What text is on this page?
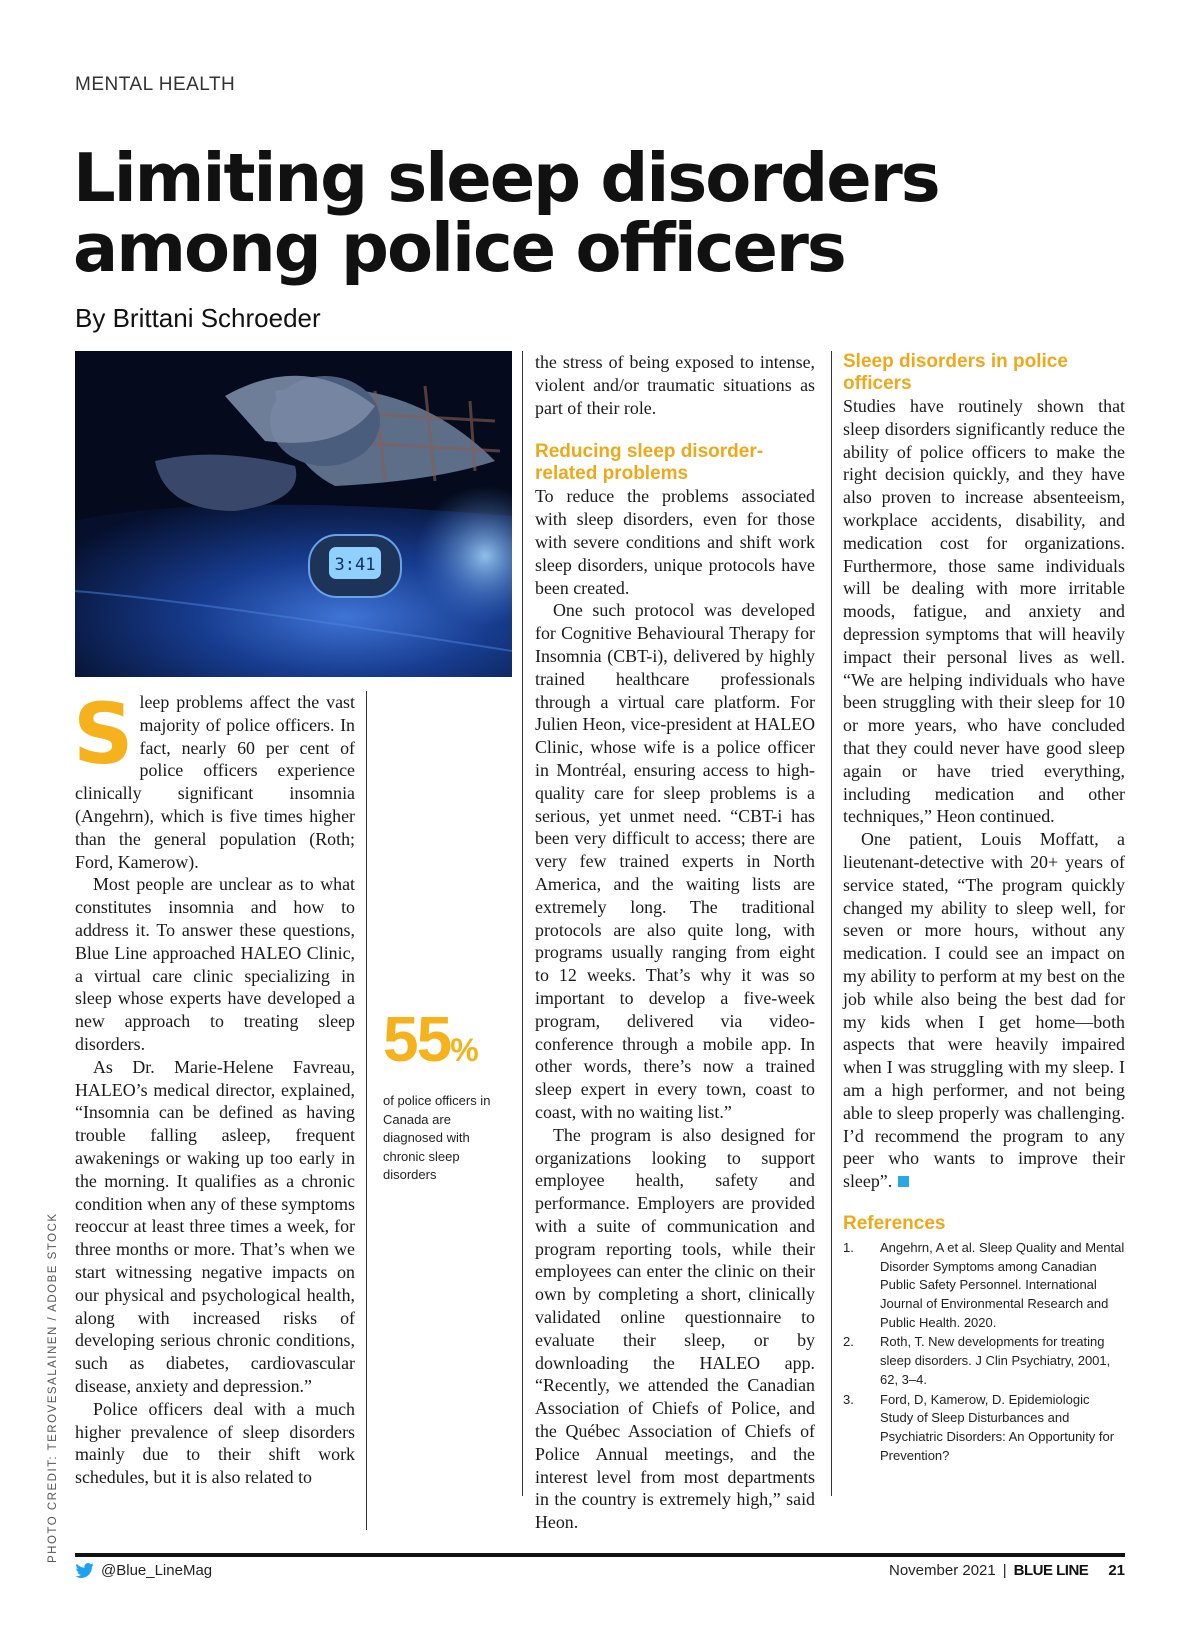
MENTAL HEALTH
Limiting sleep disorders among police officers
By Brittani Schroeder
3:41
PHOTO CREDIT: TEROVESALAINEN / ADOBE STOCK
S leep problems affect the vast majority of police officers. In fact, nearly 60 per cent of police officers experience clinically significant insomnia (Angehrn), which is five times higher than the general population (Roth; Ford, Kamerow).

Most people are unclear as to what constitutes insomnia and how to address it. To answer these questions, Blue Line approached HALEO Clinic, a virtual care clinic specializing in sleep whose experts have developed a new approach to treating sleep disorders.

As Dr. Marie-Helene Favreau, HALEO’s medical director, explained, “Insomnia can be defined as having trouble falling asleep, frequent awakenings or waking up too early in the morning. It qualifies as a chronic condition when any of these symptoms reoccur at least three times a week, for three months or more. That’s when we start witnessing negative impacts on our physical and psychological health, along with increased risks of developing serious chronic conditions, such as diabetes, cardiovascular disease, anxiety and depression.”

Police officers deal with a much higher prevalence of sleep disorders mainly due to their shift work schedules, but it is also related to

55%
of police officers in Canada are diagnosed with chronic sleep disorders

the stress of being exposed to intense, violent and/or traumatic situations as part of their role.

Reducing sleep disorder-related problems

To reduce the problems associated with sleep disorders, even for those with severe conditions and shift work sleep disorders, unique protocols have been created.

One such protocol was developed for Cognitive Behavioural Therapy for Insomnia (CBT-i), delivered by highly trained healthcare professionals through a virtual care platform. For Julien Heon, vice-president at HALEO Clinic, whose wife is a police officer in Montréal, ensuring access to high-quality care for sleep problems is a serious, yet unmet need. “CBT-i has been very difficult to access; there are very few trained experts in North America, and the waiting lists are extremely long. The traditional protocols are also quite long, with programs usually ranging from eight to 12 weeks. That’s why it was so important to develop a five-week program, delivered via video-conference through a mobile app. In other words, there’s now a trained sleep expert in every town, coast to coast, with no waiting list.”

The program is also designed for organizations looking to support employee health, safety and performance. Employers are provided with a suite of communication and program reporting tools, while their employees can enter the clinic on their own by completing a short, clinically validated online questionnaire to evaluate their sleep, or by downloading the HALEO app. “Recently, we attended the Canadian Association of Chiefs of Police, and the Québec Association of Chiefs of Police Annual meetings, and the interest level from most departments in the country is extremely high,” said Heon.

Sleep disorders in police officers

Studies have routinely shown that sleep disorders significantly reduce the ability of police officers to make the right decision quickly, and they have also proven to increase absenteeism, workplace accidents, disability, and medication cost for organizations. Furthermore, those same individuals will be dealing with more irritable moods, fatigue, and anxiety and depression symptoms that will heavily impact their personal lives as well. “We are helping individuals who have been struggling with their sleep for 10 or more years, who have concluded that they could never have good sleep again or have tried everything, including medication and other techniques,” Heon continued.

One patient, Louis Moffatt, a lieutenant-detective with 20+ years of service stated, “The program quickly changed my ability to sleep well, for seven or more hours, without any medication. I could see an impact on my ability to perform at my best on the job while also being the best dad for my kids when I get home—both aspects that were heavily impaired when I was struggling with my sleep. I am a high performer, and not being able to sleep properly was challenging. I’d recommend the program to any peer who wants to improve their sleep”.

References
1.	Angehrn, A et al. Sleep Quality and Mental Disorder Symptoms among Canadian Public Safety Personnel. International Journal of Environmental Research and Public Health. 2020.
2.	Roth, T. New developments for treating sleep disorders. J Clin Psychiatry, 2001, 62, 3–4.
3.	Ford, D, Kamerow, D. Epidemiologic Study of Sleep Disturbances and Psychiatric Disorders: An Opportunity for Prevention?
@Blue_LineMag	November 2021 | BLUE LINE 21
